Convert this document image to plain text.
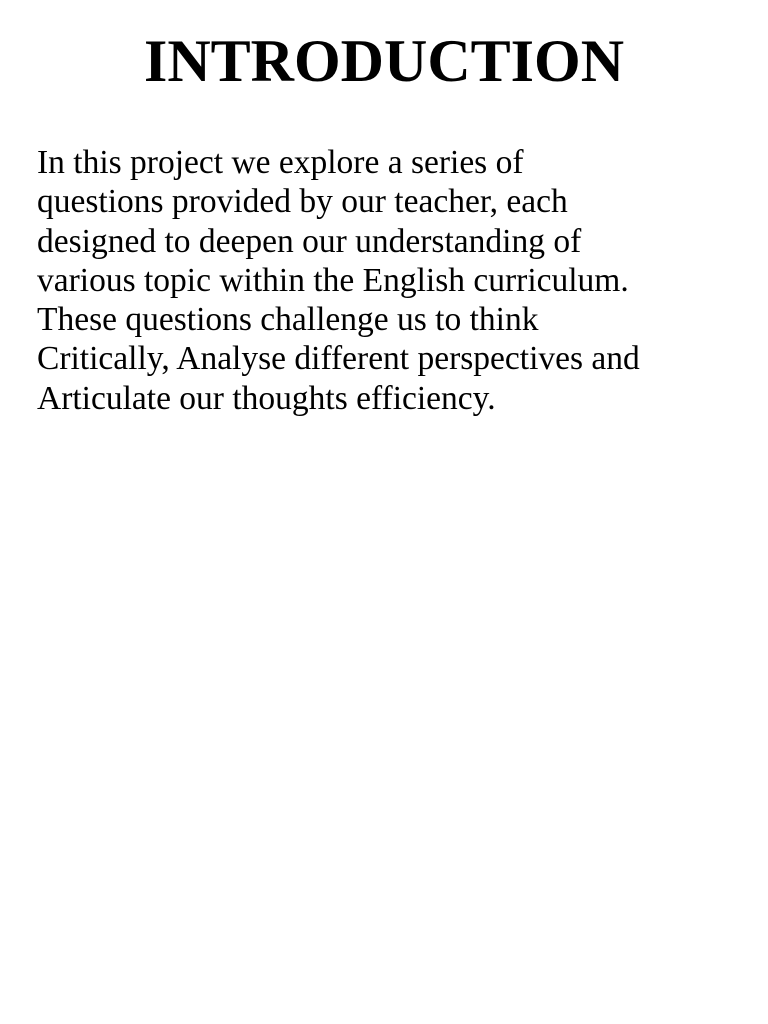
INTRODUCTION

In this project we explore a series of
questions provided by our teacher, each
designed to deepen our understanding of
various topic within the English curriculum.
These questions challenge us to think
Critically, Analyse different perspectives and
Articulate our thoughts efficiency.
